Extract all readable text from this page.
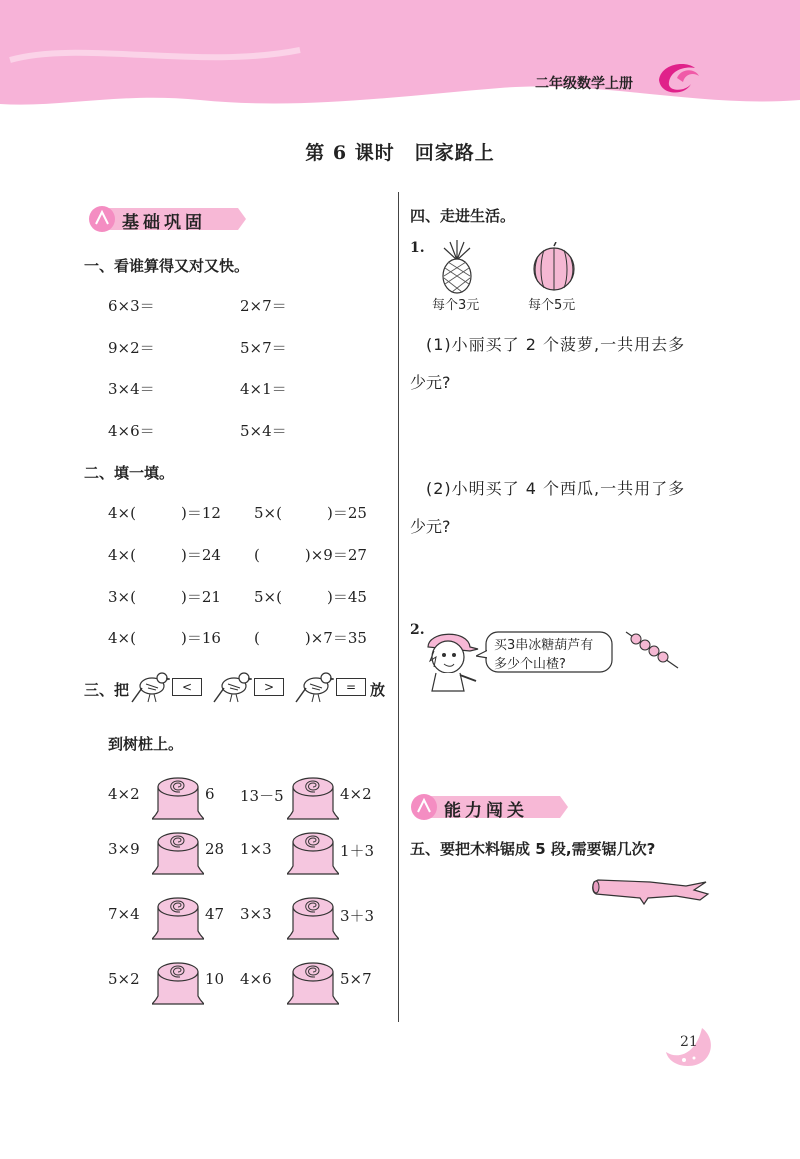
二年级数学上册
第 6 课时　回家路上
基础巩固
一、看谁算得又对又快。
6×3＝	2×7＝
9×2＝	5×7＝
3×4＝	4×1＝
4×6＝	5×4＝
二、填一填。
4×(　　　)＝12 5×(　　　)＝25
4×(　　　)＝24 (　　　)×9＝27
3×(　　　)＝21 5×(　　　)＝45
4×(　　　)＝16 (　　　)×7＝35
三、把	<	>	= 放
到树桩上。
4×2	6 13－5	4×2
3×9	28 1×3	1＋3
7×4	47 3×3	3＋3
5×2	10 4×6	5×7
四、走进生活。
1.
每个3元	每个5元
(1)小丽买了 2 个菠萝,一共用去多
少元?
(2)小明买了 4 个西瓜,一共用了多
少元?
2.
买3串冰糖葫芦有
多少个山楂?
能力闯关
五、要把木料锯成 5 段,需要锯几次?
21
